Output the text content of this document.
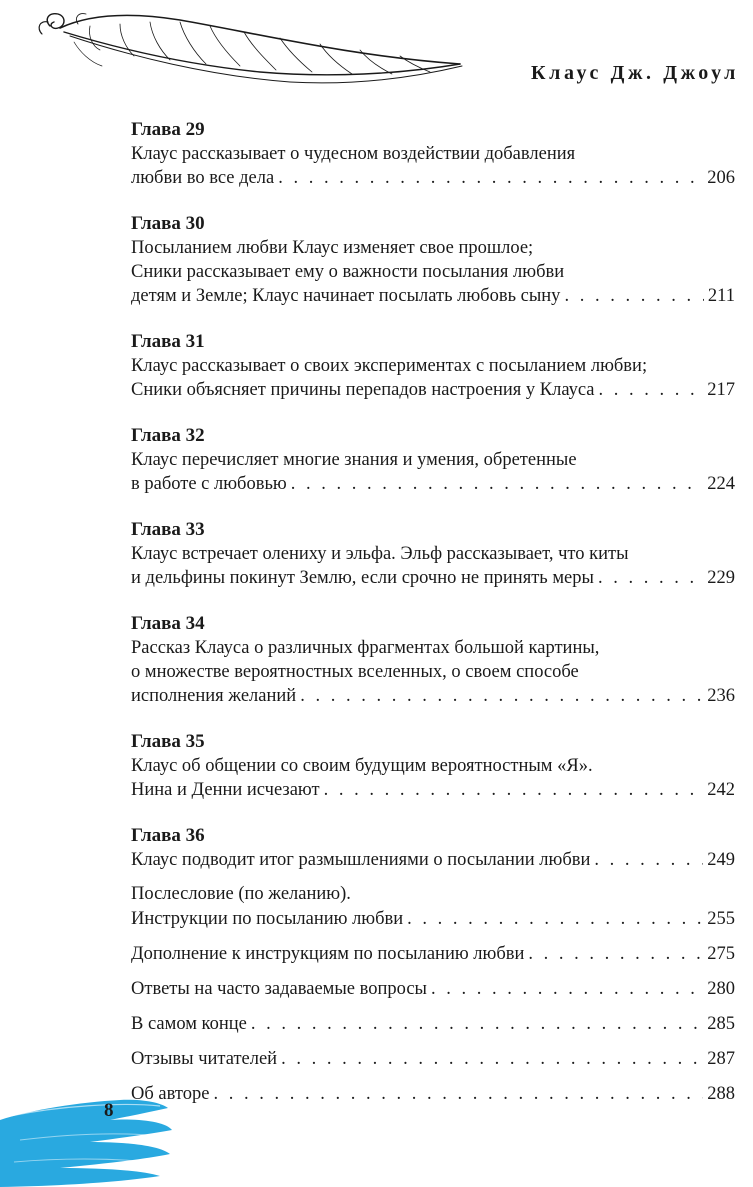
Клаус Дж. Джоул
Глава 29
Клаус рассказывает о чудесном воздействии добавления
любви во все дела . . .	206
Глава 30
Посыланием любви Клаус изменяет свое прошлое;
Сники рассказывает ему о важности посылания любви
детям и Земле; Клаус начинает посылать любовь сыну . . .	211
Глава 31
Клаус рассказывает о своих экспериментах с посыланием любви;
Сники объясняет причины перепадов настроения у Клауса . . .	217
Глава 32
Клаус перечисляет многие знания и умения, обретенные
в работе с любовью . . .	224
Глава 33
Клаус встречает олениху и эльфа. Эльф рассказывает, что киты
и дельфины покинут Землю, если срочно не принять меры . . .	229
Глава 34
Рассказ Клауса о различных фрагментах большой картины,
о множестве вероятностных вселенных, о своем способе
исполнения желаний . . .	236
Глава 35
Клаус об общении со своим будущим вероятностным «Я».
Нина и Денни исчезают . . .	242
Глава 36
Клаус подводит итог размышлениями о посылании любви . . .	249
Послесловие (по желанию).
Инструкции по посыланию любви . . .	255
Дополнение к инструкциям по посыланию любви . . .	275
Ответы на часто задаваемые вопросы . . .	280
В самом конце . . .	285
Отзывы читателей . . .	287
Об авторе . . .	288
8
